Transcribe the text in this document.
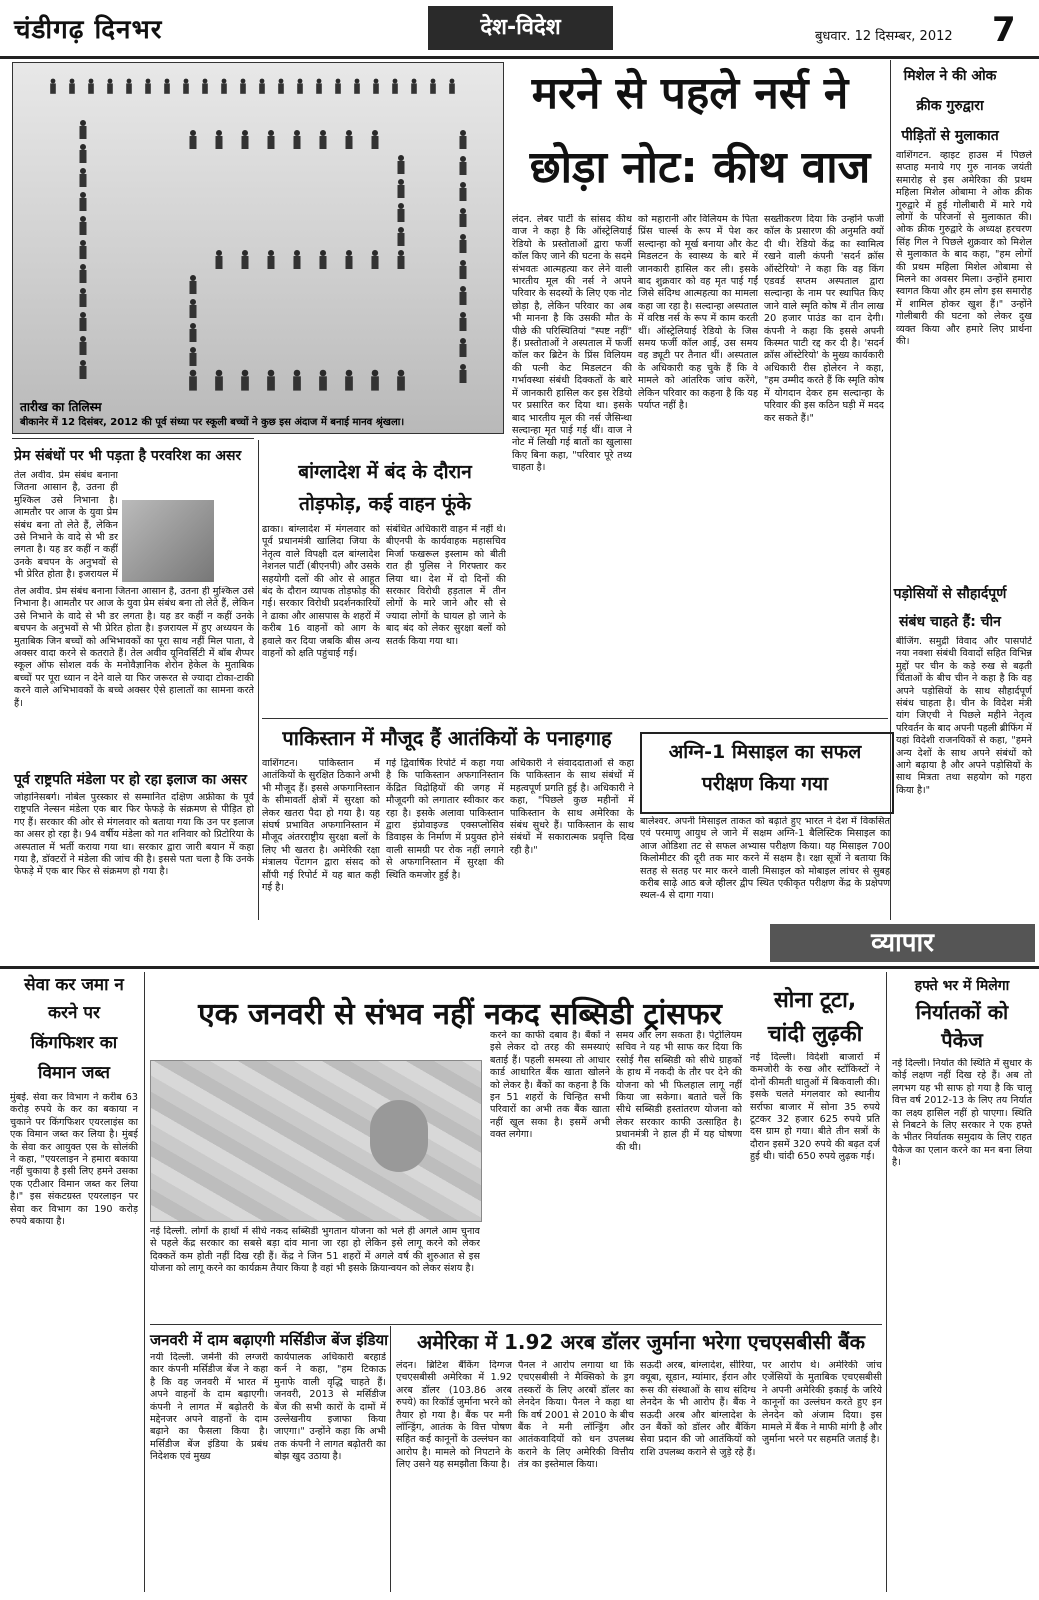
चंडीगढ़ दिनभर	देश-विदेश	बुधवार. 12 दिसम्बर, 2012 7
तारीख का तिलिस्म
बीकानेर में 12 दिसंबर, 2012 की पूर्व संध्या पर स्कूली बच्चों ने कुछ इस अंदाज में बनाई मानव श्रृंखला।
मरने से पहले नर्स ने
छोड़ा नोट: कीथ वाज
लंदन. लेबर पार्टी के सांसद कीथ वाज ने कहा है कि ऑस्ट्रेलियाई रेडियो के प्रस्तोताओं द्वारा फर्जी कॉल किए जाने की घटना के सदमे संभवतः आत्महत्या कर लेने वाली भारतीय मूल की नर्स ने अपने परिवार के सदस्यों के लिए एक नोट छोड़ा है, लेकिन परिवार का अब भी मानना है कि उसकी मौत के पीछे की परिस्थितियां "स्पष्ट नहीं" हैं। प्रस्तोताओं ने अस्पताल में फर्जी कॉल कर ब्रिटेन के प्रिंस विलियम की पत्नी केट मिडलटन की गर्भावस्था संबंधी दिक्कतों के बारे में जानकारी हासिल कर इस रेडियो पर प्रसारित कर दिया था। इसके बाद भारतीय मूल की नर्स जैसिन्था सल्दान्हा मृत पाई गई थीं। वाज ने नोट में लिखी गई बातों का खुलासा किए बिना कहा, "परिवार पूरे तथ्य चाहता है।
को महारानी और विलियम के पिता प्रिंस चार्ल्स के रूप में पेश कर सल्दान्हा को मूर्ख बनाया और केट मिडलटन के स्वास्थ्य के बारे में जानकारी हासिल कर ली। इसके बाद शुक्रवार को वह मृत पाई गईं जिसे संदिग्ध आत्महत्या का मामला कहा जा रहा है। सल्दान्हा अस्पताल में वरिष्ठ नर्स के रूप में काम करती थीं। ऑस्ट्रेलियाई रेडियो के जिस समय फर्जी कॉल आई, उस समय वह ड्यूटी पर तैनात थीं। अस्पताल के अधिकारी कह चुके हैं कि वे मामले को आंतरिक जांच करेंगे, लेकिन परिवार का कहना है कि यह पर्याप्त नहीं है।
सख्तीकरण दिया कि उन्होंने फर्जी कॉल के प्रसारण की अनुमति क्यों दी थी। रेडियो केंद्र का स्वामित्व रखने वाली कंपनी 'सदर्न क्रॉस ऑस्टेरियो' ने कहा कि वह किंग एडवर्ड सप्तम अस्पताल द्वारा सल्दान्हा के नाम पर स्थापित किए जाने वाले स्मृति कोष में तीन लाख 20 हजार पाउंड का दान देगी। कंपनी ने कहा कि इससे अपनी किस्मत पाटी रद्द कर दी है। 'सदर्न क्रॉस ऑस्टेरियो' के मुख्य कार्यकारी अधिकारी रीस होलेरन ने कहा, "हम उम्मीद करते हैं कि स्मृति कोष में योगदान देकर हम सल्दान्हा के परिवार की इस कठिन घड़ी में मदद कर सकते हैं।"
मिशेल ने की ओक
क्रीक गुरुद्वारा
पीड़ितों से मुलाकात
वाशिंगटन. व्हाइट हाउस में पिछले सप्ताह मनाये गए गुरु नानक जयंती समारोह से इस अमेरिका की प्रथम महिला मिशेल ओबामा ने ओक क्रीक गुरुद्वारे में हुई गोलीबारी में मारे गये लोगों के परिजनों से मुलाकात की। ओक क्रीक गुरुद्वारे के अध्यक्ष हरचरण सिंह गिल ने पिछले शुक्रवार को मिशेल से मुलाकात के बाद कहा, "हम लोगों की प्रथम महिला मिशेल ओबामा से मिलने का अवसर मिला। उन्होंने हमारा स्वागत किया और हम लोग इस समारोह में शामिल होकर खुश हैं।" उन्होंने गोलीबारी की घटना को लेकर दुख व्यक्त किया और हमारे लिए प्रार्थना की।
पड़ोसियों से सौहार्दपूर्ण
संबंध चाहते हैं: चीन
बीजिंग. समुद्री विवाद और पासपोर्ट नया नक्शा संबंधी विवादों सहित विभिन्न मुद्दों पर चीन के कड़े रुख से बढ़ती चिंताओं के बीच चीन ने कहा है कि वह अपने पड़ोसियों के साथ सौहार्दपूर्ण संबंध चाहता है। चीन के विदेश मंत्री यांग जिएची ने पिछले महीने नेतृत्व परिवर्तन के बाद अपनी पहली ब्रीफिंग में यहां विदेशी राजनयिकों से कहा, "हमने अन्य देशों के साथ अपने संबंधों को आगे बढ़ाया है और अपने पड़ोसियों के साथ मित्रता तथा सहयोग को गहरा किया है।"
प्रेम संबंधों पर भी पड़ता है परवरिश का असर
तेल अवीव. प्रेम संबंध बनाना जितना आसान है, उतना ही मुश्किल उसे निभाना है। आमतौर पर आज के युवा प्रेम संबंध बना तो लेते हैं, लेकिन उसे निभाने के वादे से भी डर लगता है। यह डर कहीं न कहीं उनके बचपन के अनुभवों से भी प्रेरित होता है। इजरायल में
तेल अवीव. प्रेम संबंध बनाना जितना आसान है, उतना ही मुश्किल उसे निभाना है। आमतौर पर आज के युवा प्रेम संबंध बना तो लेते हैं, लेकिन उसे निभाने के वादे से भी डर लगता है। यह डर कहीं न कहीं उनके बचपन के अनुभवों से भी प्रेरित होता है। इजरायल में हुए अध्ययन के मुताबिक जिन बच्चों को अभिभावकों का पूरा साथ नहीं मिल पाता, वे अक्सर वादा करने से कतराते हैं। तेल अवीव यूनिवर्सिटी में बॉब शैप्पर स्कूल ऑफ सोशल वर्क के मनोवैज्ञानिक शेरोन हेकेल के मुताबिक बच्चों पर पूरा ध्यान न देने वाले या फिर जरूरत से ज्यादा टोका-टाकी करने वाले अभिभावकों के बच्चे अक्सर ऐसे हालातों का सामना करते हैं।
पूर्व राष्ट्रपति मंडेला पर हो रहा इलाज का असर
जोहानिसबर्ग। नोबेल पुरस्कार से सम्मानित दक्षिण अफ्रीका के पूर्व राष्ट्रपति नेल्सन मंडेला एक बार फिर फेफड़े के संक्रमण से पीड़ित हो गए हैं। सरकार की ओर से मंगलवार को बताया गया कि उन पर इलाज का असर हो रहा है। 94 वर्षीय मंडेला को गत शनिवार को प्रिटोरिया के अस्पताल में भर्ती कराया गया था। सरकार द्वारा जारी बयान में कहा गया है, डॉक्टरों ने मंडेला की जांच की है। इससे पता चला है कि उनके फेफड़े में एक बार फिर से संक्रमण हो गया है।
बांग्लादेश में बंद के दौरान
तोड़फोड़, कई वाहन फूंके
ढाका। बांग्लादेश में मंगलवार को पूर्व प्रधानमंत्री खालिदा जिया के नेतृत्व वाले विपक्षी दल बांग्लादेश नेशनल पार्टी (बीएनपी) और उसके सहयोगी दलों की ओर से आहूत बंद के दौरान व्यापक तोड़फोड़ की गई। सरकार विरोधी प्रदर्शनकारियों ने ढाका और आसपास के शहरों में करीब 16 वाहनों को आग के हवाले कर दिया जबकि बीस अन्य वाहनों को क्षति पहुंचाई गई।
संबंधित अधिकारी वाहन में नहीं थे। बीएनपी के कार्यवाहक महासचिव मिर्जा फखरूल इस्लाम को बीती रात ही पुलिस ने गिरफ्तार कर लिया था। देश में दो दिनों की सरकार विरोधी हड़ताल में तीन लोगों के मारे जाने और सौ से ज्यादा लोगों के घायल हो जाने के बाद बंद को लेकर सुरक्षा बलों को सतर्क किया गया था।
पाकिस्तान में मौजूद हैं आतंकियों के पनाहगाह
वाशिंगटन। पाकिस्तान में आतंकियों के सुरक्षित ठिकाने अभी भी मौजूद हैं। इससे अफगानिस्तान के सीमावर्ती क्षेत्रों में सुरक्षा को लेकर खतरा पैदा हो गया है। यह संघर्ष प्रभावित अफगानिस्तान में मौजूद अंतरराष्ट्रीय सुरक्षा बलों के लिए भी खतरा है। अमेरिकी रक्षा मंत्रालय पेंटागन द्वारा संसद को सौंपी गई रिपोर्ट में यह बात कही गई है।
गई द्विवार्षिक रिपोर्ट में कहा गया है कि पाकिस्तान अफगानिस्तान केंद्रित विद्रोहियों की जगह में मौजूदगी को लगातार स्वीकार कर रहा है। इसके अलावा पाकिस्तान द्वारा इंप्रोवाइज्ड एक्सप्लोसिव डिवाइस के निर्माण में प्रयुक्त होने वाली सामग्री पर रोक नहीं लगाने से अफगानिस्तान में सुरक्षा की स्थिति कमजोर हुई है।
अधिकारी ने संवाददाताओं से कहा कि पाकिस्तान के साथ संबंधों में महत्वपूर्ण प्रगति हुई है। अधिकारी ने कहा, "पिछले कुछ महीनों में पाकिस्तान के साथ अमेरिका के संबंध सुधरे हैं। पाकिस्तान के साथ संबंधों में सकारात्मक प्रवृत्ति दिख रही है।"
अग्नि-1 मिसाइल का सफल
परीक्षण किया गया
बालेश्वर. अपनी मिसाइल ताकत को बढ़ाते हुए भारत ने देश में विकसित एवं परमाणु आयुध ले जाने में सक्षम अग्नि-1 बैलिस्टिक मिसाइल का आज ओडिशा तट से सफल अभ्यास परीक्षण किया। यह मिसाइल 700 किलोमीटर की दूरी तक मार करने में सक्षम है। रक्षा सूत्रों ने बताया कि सतह से सतह पर मार करने वाली मिसाइल को मोबाइल लांचर से सुबह करीब साढ़े आठ बजे व्हीलर द्वीप स्थित एकीकृत परीक्षण केंद्र के प्रक्षेपण स्थल-4 से दागा गया।
व्यापार
सेवा कर जमा न
करने पर
किंगफिशर का
विमान जब्त
मुंबई. सेवा कर विभाग ने करीब 63 करोड़ रुपये के कर का बकाया न चुकाने पर किंगफिशर एयरलाइंस का एक विमान जब्त कर लिया है। मुंबई के सेवा कर आयुक्त एस के सोलंकी ने कहा, "एयरलाइन ने हमारा बकाया नहीं चुकाया है इसी लिए हमने उसका एक एटीआर विमान जब्त कर लिया है।" इस संकटग्रस्त एयरलाइन पर सेवा कर विभाग का 190 करोड़ रुपये बकाया है।
एक जनवरी से संभव नहीं नकद सब्सिडी ट्रांसफर
करने का काफी दबाव है। बैंकों ने इसे लेकर दो तरह की समस्याएं बताई हैं। पहली समस्या तो आधार कार्ड आधारित बैंक खाता खोलने को लेकर है। बैंकों का कहना है कि इन 51 शहरों के चिन्हित सभी परिवारों का अभी तक बैंक खाता नहीं खुल सका है। इसमें अभी वक्त लगेगा।
समय और लग सकता है। पेट्रोलियम सचिव ने यह भी साफ कर दिया कि रसोई गैस सब्सिडी को सीधे ग्राहकों के हाथ में नकदी के तौर पर देने की योजना को भी फिलहाल लागू नहीं किया जा सकेगा। बताते चलें कि सीधे सब्सिडी हस्तांतरण योजना को लेकर सरकार काफी उत्साहित है। प्रधानमंत्री ने हाल ही में यह घोषणा की थी।
नई दिल्ली. लोगों के हाथों में सीधे नकद सब्सिडी भुगतान योजना को भले ही अगले आम चुनाव से पहले केंद्र सरकार का सबसे बड़ा दांव माना जा रहा हो लेकिन इसे लागू करने को लेकर दिक्कतें कम होती नहीं दिख रही हैं। केंद्र ने जिन 51 शहरों में अगले वर्ष की शुरुआत से इस योजना को लागू करने का कार्यक्रम तैयार किया है वहां भी इसके क्रियान्वयन को लेकर संशय है।
सोना टूटा,
चांदी लुढ़की
नई दिल्ली। विदेशी बाजारों में कमजोरी के रुख और स्टॉकिस्टों ने दोनों कीमती धातुओं में बिकवाली की। इसके चलते मंगलवार को स्थानीय सर्राफा बाजार में सोना 35 रुपये टूटकर 32 हजार 625 रुपये प्रति दस ग्राम हो गया। बीते तीन सत्रों के दौरान इसमें 320 रुपये की बढ़त दर्ज हुई थी। चांदी 650 रुपये लुढ़क गई।
हफ्ते भर में मिलेगा
निर्यातकों को
पैकेज
नई दिल्ली। निर्यात की स्थिति में सुधार के कोई लक्षण नहीं दिख रहे हैं। अब तो लगभग यह भी साफ हो गया है कि चालू वित्त वर्ष 2012-13 के लिए तय निर्यात का लक्ष्य हासिल नहीं हो पाएगा। स्थिति से निबटने के लिए सरकार ने एक हफ्ते के भीतर निर्यातक समुदाय के लिए राहत पैकेज का एलान करने का मन बना लिया है।
जनवरी में दाम बढ़ाएगी मर्सिडीज बेंज इंडिया
नयी दिल्ली. जर्मनी की लग्जरी कार कंपनी मर्सिडीज बेंज ने कहा है कि वह जनवरी में भारत में अपने वाहनों के दाम बढ़ाएगी। कंपनी ने लागत में बढ़ोतरी के मद्देनजर अपने वाहनों के दाम बढ़ाने का फैसला किया है। मर्सिडीज बेंज इंडिया के प्रबंध निदेशक एवं मुख्य
कार्यपालक अधिकारी बरहार्ड कर्न ने कहा, "हम टिकाऊ मुनाफे वाली वृद्धि चाहते हैं। जनवरी, 2013 से मर्सिडीज बेंज की सभी कारों के दामों में उल्लेखनीय इजाफा किया जाएगा।" उन्होंने कहा कि अभी तक कंपनी ने लागत बढ़ोतरी का बोझ खुद उठाया है।
अमेरिका में 1.92 अरब डॉलर जुर्माना भरेगा एचएसबीसी बैंक
लंदन। ब्रिटिश बैंकिंग दिग्गज एचएसबीसी अमेरिका में 1.92 अरब डॉलर (103.86 अरब रुपये) का रिकॉर्ड जुर्माना भरने को तैयार हो गया है। बैंक पर मनी लॉन्ड्रिंग, आतंक के वित्त पोषण सहित कई कानूनों के उल्लंघन का आरोप है। मामले को निपटाने के लिए उसने यह समझौता किया है।
पैनल ने आरोप लगाया था कि एचएसबीसी ने मैक्सिको के ड्रग तस्करों के लिए अरबों डॉलर का लेनदेन किया। पैनल ने कहा था कि वर्ष 2001 से 2010 के बीच बैंक ने मनी लॉन्ड्रिंग और आतंकवादियों को धन उपलब्ध कराने के लिए अमेरिकी वित्तीय तंत्र का इस्तेमाल किया।
सऊदी अरब, बांग्लादेश, सीरिया, क्यूबा, सूडान, म्यांमार, ईरान और रूस की संस्थाओं के साथ संदिग्ध लेनदेन के भी आरोप हैं। बैंक ने सऊदी अरब और बांग्लादेश के उन बैंकों को डॉलर और बैंकिंग सेवा प्रदान की जो आतंकियों को राशि उपलब्ध कराने से जुड़े रहे हैं।
पर आरोप थे। अमेरिकी जांच एजेंसियों के मुताबिक एचएसबीसी ने अपनी अमेरिकी इकाई के जरिये कानूनों का उल्लंघन करते हुए इन लेनदेन को अंजाम दिया। इस मामले में बैंक ने माफी मांगी है और जुर्माना भरने पर सहमति जताई है।
